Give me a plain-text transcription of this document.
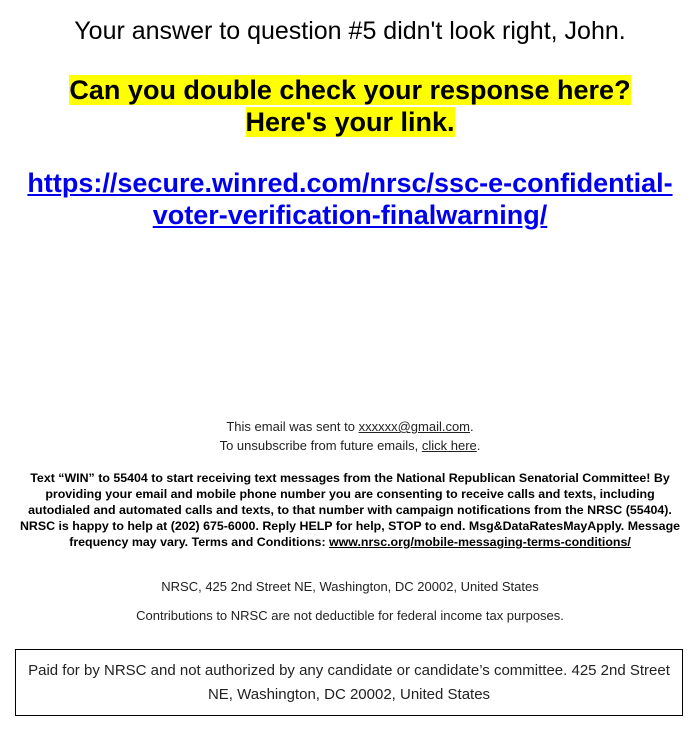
Your answer to question #5 didn't look right, John.

Can you double check your response here?
Here's your link.

https://secure.winred.com/nrsc/ssc-e-confidential-
voter-verification-finalwarning/
This email was sent to xxxxxx@gmail.com.
To unsubscribe from future emails, click here.
Text “WIN” to 55404 to start receiving text messages from the National Republican Senatorial Committee! By providing your email and mobile phone number you are consenting to receive calls and texts, including autodialed and automated calls and texts, to that number with campaign notifications from the NRSC (55404). NRSC is happy to help at (202) 675-6000. Reply HELP for help, STOP to end. Msg&DataRatesMayApply. Message frequency may vary. Terms and Conditions: www.nrsc.org/mobile-messaging-terms-conditions/
NRSC, 425 2nd Street NE, Washington, DC 20002, United States
Contributions to NRSC are not deductible for federal income tax purposes.
Paid for by NRSC and not authorized by any candidate or candidate’s committee. 425 2nd Street NE, Washington, DC 20002, United States
